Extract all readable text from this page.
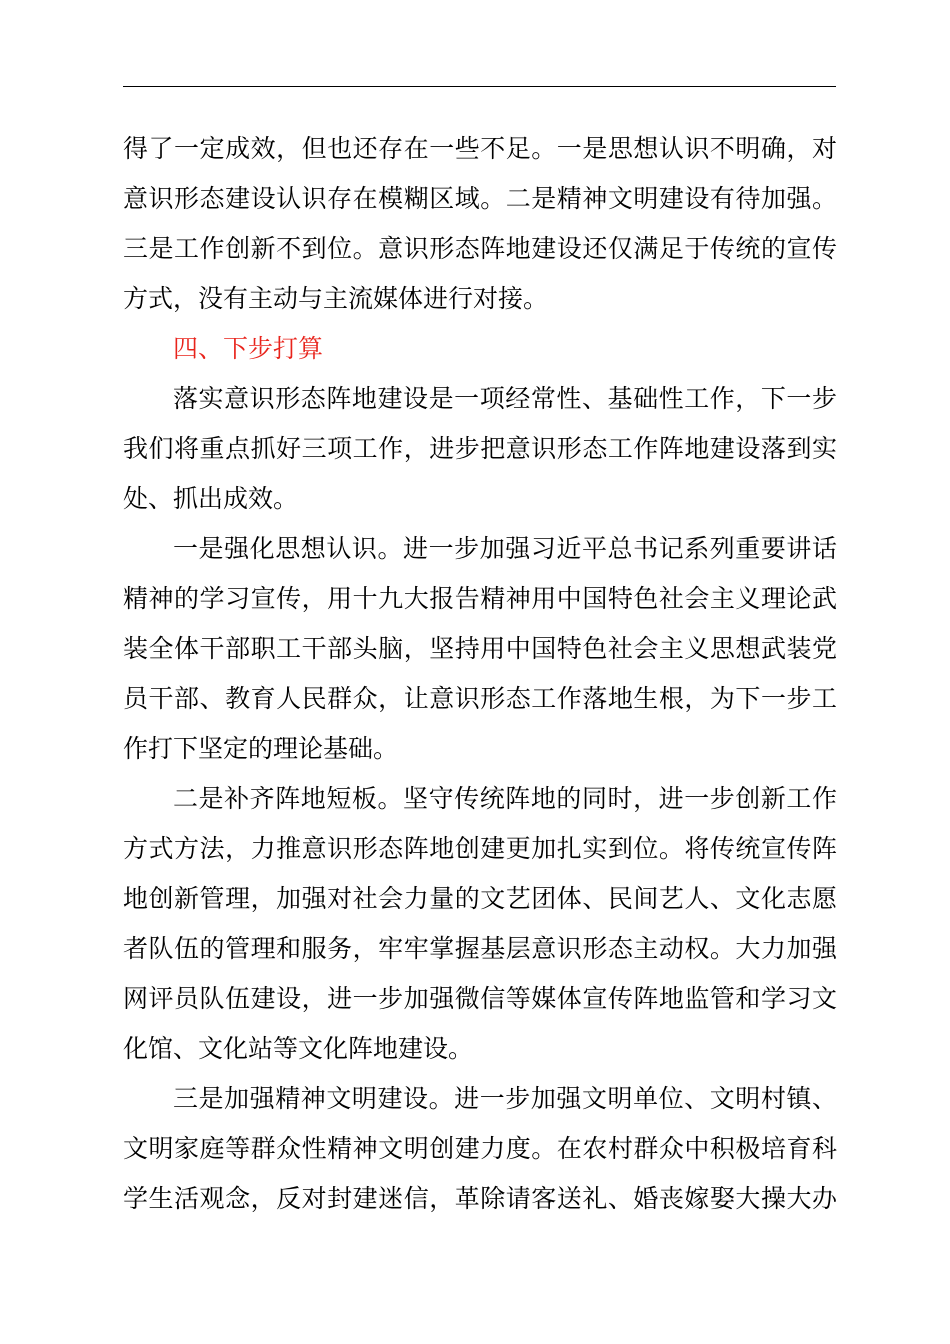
得了一定成效，但也还存在一些不足。一是思想认识不明确，对
意识形态建设认识存在模糊区域。二是精神文明建设有待加强。
三是工作创新不到位。意识形态阵地建设还仅满足于传统的宣传
方式，没有主动与主流媒体进行对接。
四、下步打算
落实意识形态阵地建设是一项经常性、基础性工作，下一步
我们将重点抓好三项工作，进步把意识形态工作阵地建设落到实
处、抓出成效。
一是强化思想认识。进一步加强习近平总书记系列重要讲话
精神的学习宣传，用十九大报告精神用中国特色社会主义理论武
装全体干部职工干部头脑，坚持用中国特色社会主义思想武装党
员干部、教育人民群众，让意识形态工作落地生根，为下一步工
作打下坚定的理论基础。
二是补齐阵地短板。坚守传统阵地的同时，进一步创新工作
方式方法，力推意识形态阵地创建更加扎实到位。将传统宣传阵
地创新管理，加强对社会力量的文艺团体、民间艺人、文化志愿
者队伍的管理和服务，牢牢掌握基层意识形态主动权。大力加强
网评员队伍建设，进一步加强微信等媒体宣传阵地监管和学习文
化馆、文化站等文化阵地建设。
三是加强精神文明建设。进一步加强文明单位、文明村镇、
文明家庭等群众性精神文明创建力度。在农村群众中积极培育科
学生活观念，反对封建迷信，革除请客送礼、婚丧嫁娶大操大办
